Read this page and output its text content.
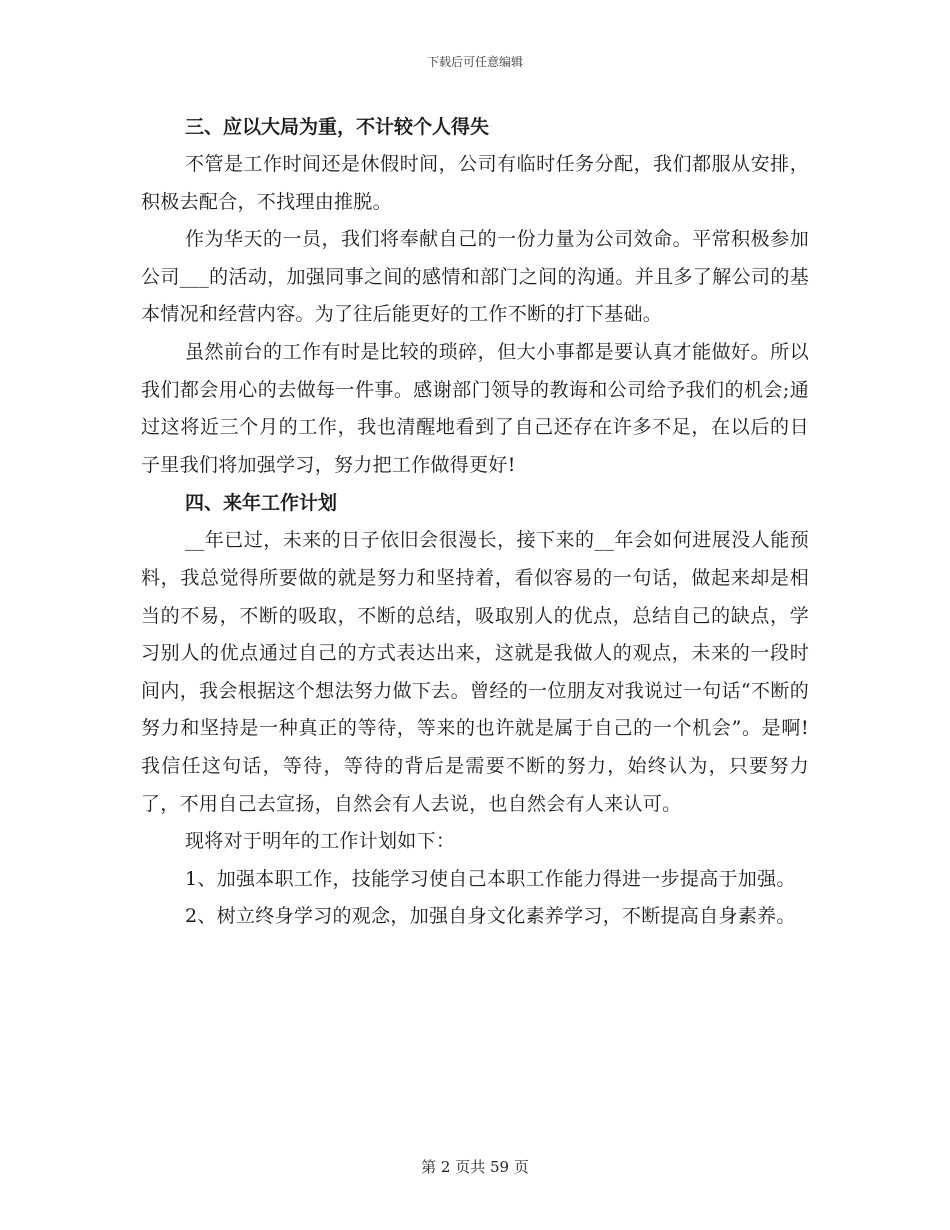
下载后可任意编辑

三、应以大局为重，不计较个人得失

不管是工作时间还是休假时间，公司有临时任务分配，我们都服从安排，积极去配合，不找理由推脱。

作为华天的一员，我们将奉献自己的一份力量为公司效命。平常积极参加公司___的活动，加强同事之间的感情和部门之间的沟通。并且多了解公司的基本情况和经营内容。为了往后能更好的工作不断的打下基础。

虽然前台的工作有时是比较的琐碎，但大小事都是要认真才能做好。所以我们都会用心的去做每一件事。感谢部门领导的教诲和公司给予我们的机会;通过这将近三个月的工作，我也清醒地看到了自己还存在许多不足，在以后的日子里我们将加强学习，努力把工作做得更好!

四、来年工作计划

__年已过，未来的日子依旧会很漫长，接下来的__年会如何进展没人能预料，我总觉得所要做的就是努力和坚持着，看似容易的一句话，做起来却是相当的不易，不断的吸取，不断的总结，吸取别人的优点，总结自己的缺点，学习别人的优点通过自己的方式表达出来，这就是我做人的观点，未来的一段时间内，我会根据这个想法努力做下去。曾经的一位朋友对我说过一句话“不断的努力和坚持是一种真正的等待，等来的也许就是属于自己的一个机会”。是啊!我信任这句话，等待，等待的背后是需要不断的努力，始终认为，只要努力了，不用自己去宣扬，自然会有人去说，也自然会有人来认可。

现将对于明年的工作计划如下：

1、加强本职工作，技能学习使自己本职工作能力得进一步提高于加强。

2、树立终身学习的观念，加强自身文化素养学习，不断提高自身素养。

第 2 页共 59 页
